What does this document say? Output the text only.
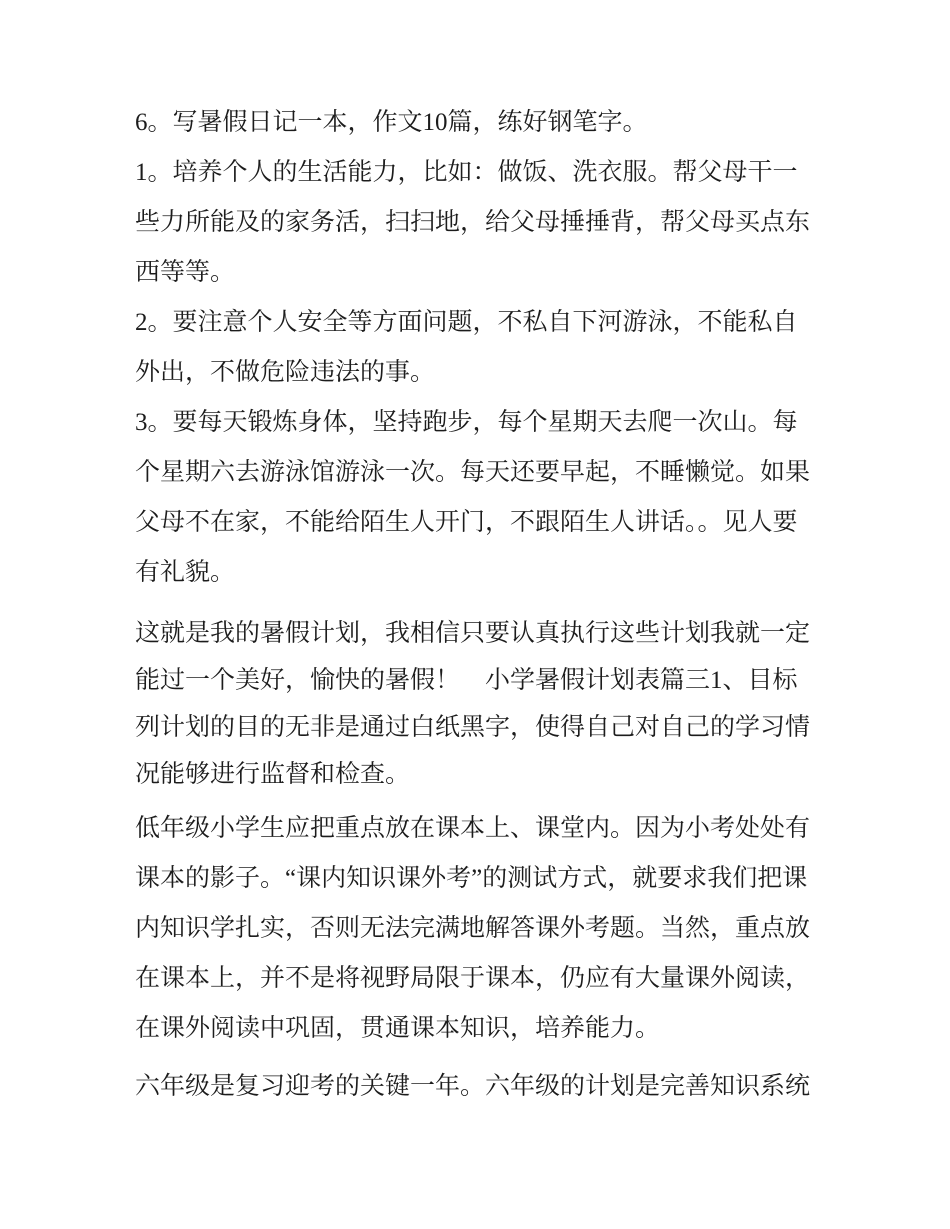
6。写暑假日记一本，作文10篇，练好钢笔字。
1。培养个人的生活能力，比如：做饭、洗衣服。帮父母干一
些力所能及的家务活，扫扫地，给父母捶捶背，帮父母买点东
西等等。
2。要注意个人安全等方面问题，不私自下河游泳，不能私自
外出，不做危险违法的事。
3。要每天锻炼身体，坚持跑步，每个星期天去爬一次山。每
个星期六去游泳馆游泳一次。每天还要早起，不睡懒觉。如果
父母不在家，不能给陌生人开门，不跟陌生人讲话。。见人要
有礼貌。
这就是我的暑假计划，我相信只要认真执行这些计划我就一定
能过一个美好，愉快的暑假！　小学暑假计划表篇三1、目标
列计划的目的无非是通过白纸黑字，使得自己对自己的学习情
况能够进行监督和检查。
低年级小学生应把重点放在课本上、课堂内。因为小考处处有
课本的影子。“课内知识课外考”的测试方式，就要求我们把课
内知识学扎实，否则无法完满地解答课外考题。当然，重点放
在课本上，并不是将视野局限于课本，仍应有大量课外阅读，
在课外阅读中巩固，贯通课本知识，培养能力。
六年级是复习迎考的关键一年。六年级的计划是完善知识系统
